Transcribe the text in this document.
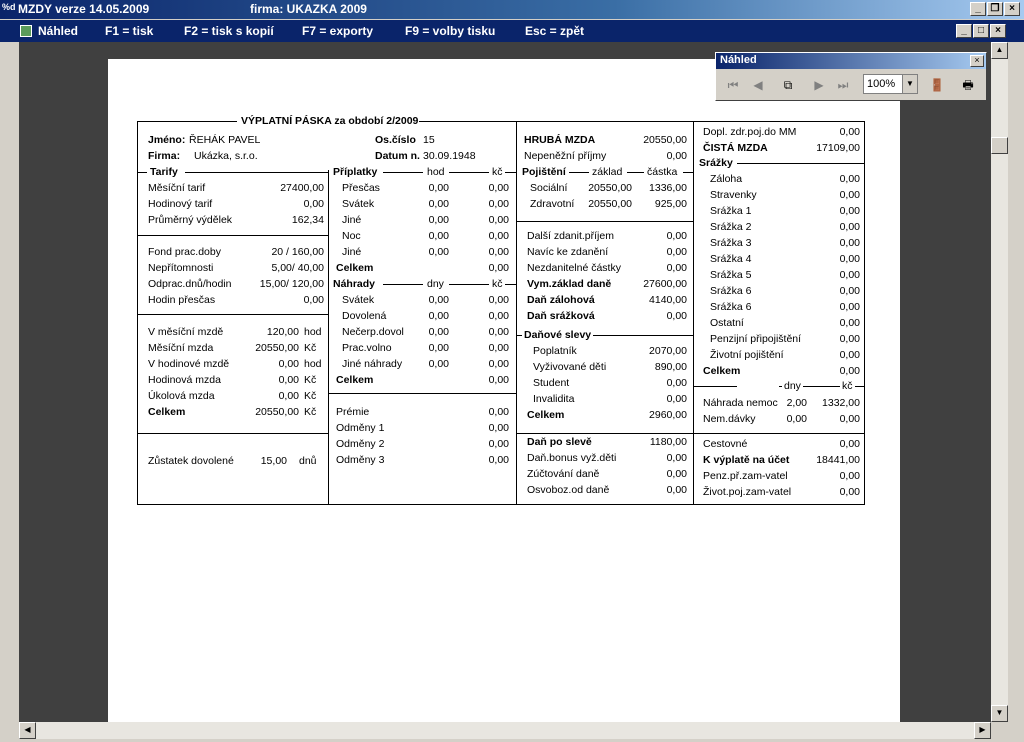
%d MZDY verze 14.05.2009	firma: UKAZKA 2009	_ ❐ ×
Náhled F1 = tisk	F2 = tisk s kopií F7 = exporty	F9 = volby tisku Esc = zpět	_	□	×
▲
▼
◀	▶
VÝPLATNÍ PÁSKA za období 2/2009
Jméno: ŘEHÁK PAVEL
Firma: Ukázka, s.r.o.
Os.číslo 15
Datum n. 30.09.1948
Tarify
Měsíční tarif	27400,00
Hodinový tarif	0,00
Průměrný výdělek	162,34
Fond prac.doby	20 / 160,00
Nepřítomnosti	5,00/ 40,00
Odprac.dnů/hodin	15,00/ 120,00
Hodin přesčas	0,00
V měsíční mzdě	120,00 hod
Měsíční mzda	20550,00 Kč
V hodinové mzdě	0,00 hod
Hodinová mzda	0,00 Kč
Úkolová mzda	0,00 Kč
Celkem	20550,00 Kč
Zůstatek dovolené	15,00 dnů
Příplatky	hod	kč
Přesčas	0,00	0,00
Svátek	0,00	0,00
Jiné	0,00	0,00
Noc	0,00	0,00
Jiné	0,00	0,00
Celkem	0,00
Náhrady	dny	kč
Svátek	0,00	0,00
Dovolená	0,00	0,00
Nečerp.dovol	0,00	0,00
Prac.volno	0,00	0,00
Jiné náhrady	0,00	0,00
Celkem	0,00
Prémie	0,00
Odměny 1	0,00
Odměny 2	0,00
Odměny 3	0,00
HRUBÁ MZDA	20550,00
Nepeněžní příjmy	0,00
Pojištění základ částka
Sociální	20550,00	1336,00
Zdravotní	20550,00	925,00
Další zdanit.příjem	0,00
Navíc ke zdanění	0,00
Nezdanitelné částky	0,00
Vym.základ daně	27600,00
Daň zálohová	4140,00
Daň srážková	0,00
Daňové slevy
Poplatník	2070,00
Vyživované děti	890,00
Student	0,00
Invalidita	0,00
Celkem	2960,00
Daň po slevě	1180,00
Daň.bonus vyž.děti	0,00
Zúčtování daně	0,00
Osvoboz.od daně	0,00
Dopl. zdr.poj.do MM	0,00
ČISTÁ MZDA	17109,00
Srážky
Záloha	0,00
Stravenky	0,00
Srážka 1	0,00
Srážka 2	0,00
Srážka 3	0,00
Srážka 4	0,00
Srážka 5	0,00
Srážka 6	0,00
Srážka 6	0,00
Ostatní	0,00
Penzijní připojištění	0,00
Životní pojištění	0,00
Celkem	0,00
dny	kč
Náhrada nemoc 2,00	1332,00
Nem.dávky	0,00	0,00
Cestovné	0,00
K výplatě na účet	18441,00
Penz.př.zam-vatel	0,00
Život.poj.zam-vatel	0,00
Náhled	×
⏮	◀	⧉	▶	⏭	100%	▼ 🚪	🖶
